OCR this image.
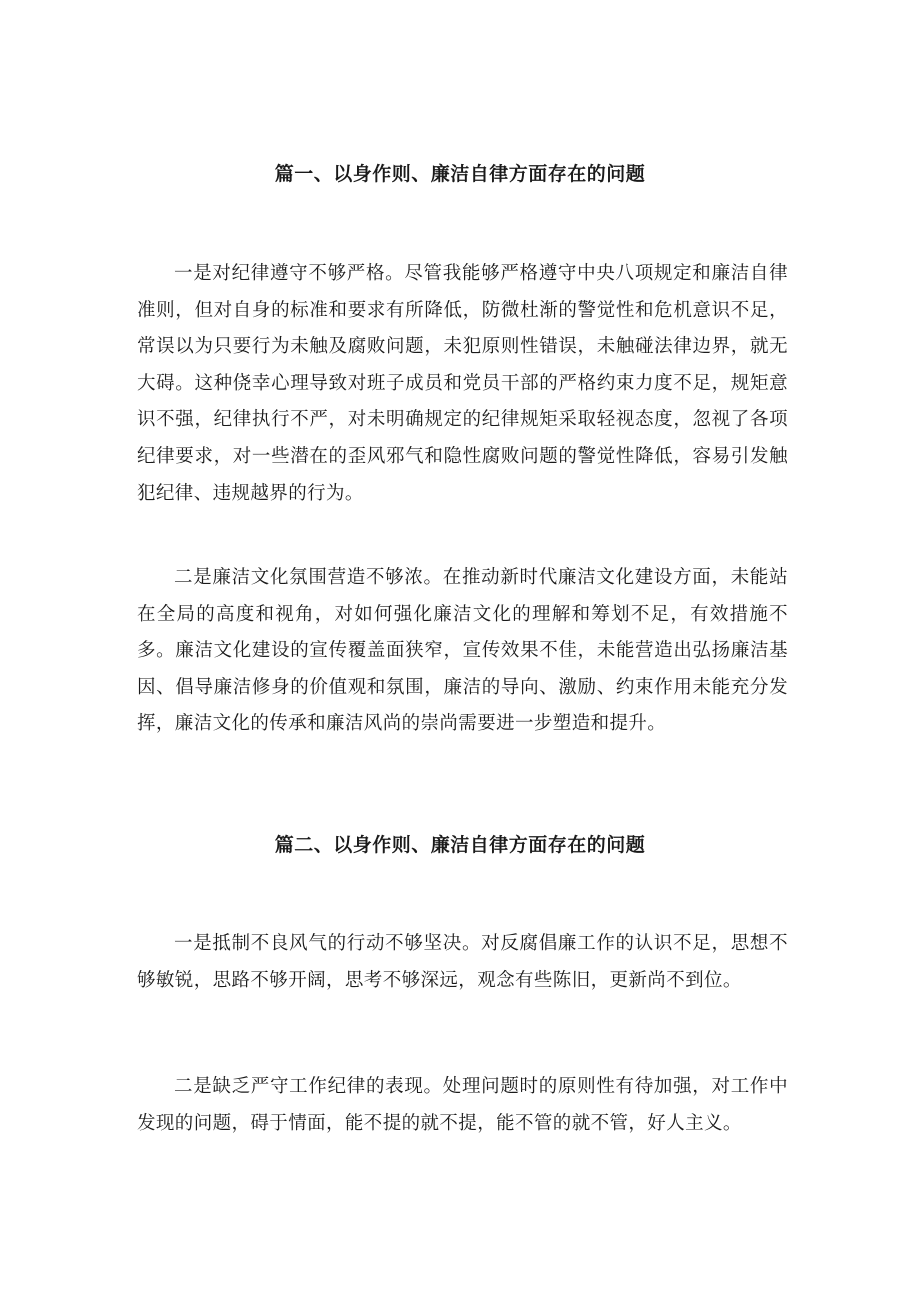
篇一、以身作则、廉洁自律方面存在的问题
一是对纪律遵守不够严格。尽管我能够严格遵守中央八项规定和廉洁自律准则，但对自身的标准和要求有所降低，防微杜渐的警觉性和危机意识不足，常误以为只要行为未触及腐败问题，未犯原则性错误，未触碰法律边界，就无大碍。这种侥幸心理导致对班子成员和党员干部的严格约束力度不足，规矩意识不强，纪律执行不严，对未明确规定的纪律规矩采取轻视态度，忽视了各项纪律要求，对一些潜在的歪风邪气和隐性腐败问题的警觉性降低，容易引发触犯纪律、违规越界的行为。
二是廉洁文化氛围营造不够浓。在推动新时代廉洁文化建设方面，未能站在全局的高度和视角，对如何强化廉洁文化的理解和筹划不足，有效措施不多。廉洁文化建设的宣传覆盖面狭窄，宣传效果不佳，未能营造出弘扬廉洁基因、倡导廉洁修身的价值观和氛围，廉洁的导向、激励、约束作用未能充分发挥，廉洁文化的传承和廉洁风尚的崇尚需要进一步塑造和提升。
篇二、以身作则、廉洁自律方面存在的问题
一是抵制不良风气的行动不够坚决。对反腐倡廉工作的认识不足，思想不够敏锐，思路不够开阔，思考不够深远，观念有些陈旧，更新尚不到位。
二是缺乏严守工作纪律的表现。处理问题时的原则性有待加强，对工作中发现的问题，碍于情面，能不提的就不提，能不管的就不管，好人主义。
